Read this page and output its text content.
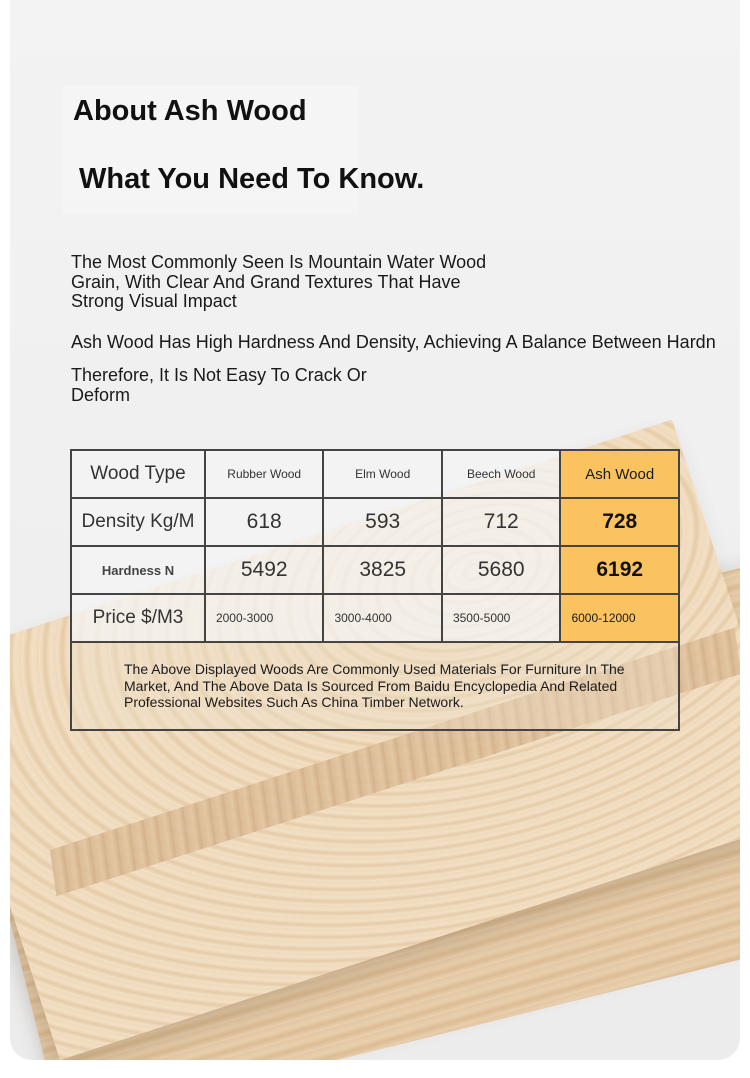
About Ash Wood
What You Need To Know.
The Most Commonly Seen Is Mountain Water Wood Grain, With Clear And Grand Textures That Have Strong Visual Impact
Ash Wood Has High Hardness And Density, Achieving A Balance Between Hardn
Therefore, It Is Not Easy To Crack Or Deform
Wood Type	Rubber Wood	Elm Wood	Beech Wood	Ash Wood
Density Kg/M	618	593	712	728
Hardness N	5492	3825	5680	6192
Price $/M3	2000-3000	3000-4000	3500-5000	6000-12000
The Above Displayed Woods Are Commonly Used Materials For Furniture In The Market, And The Above Data Is Sourced From Baidu Encyclopedia And Related Professional Websites Such As China Timber Network.				
